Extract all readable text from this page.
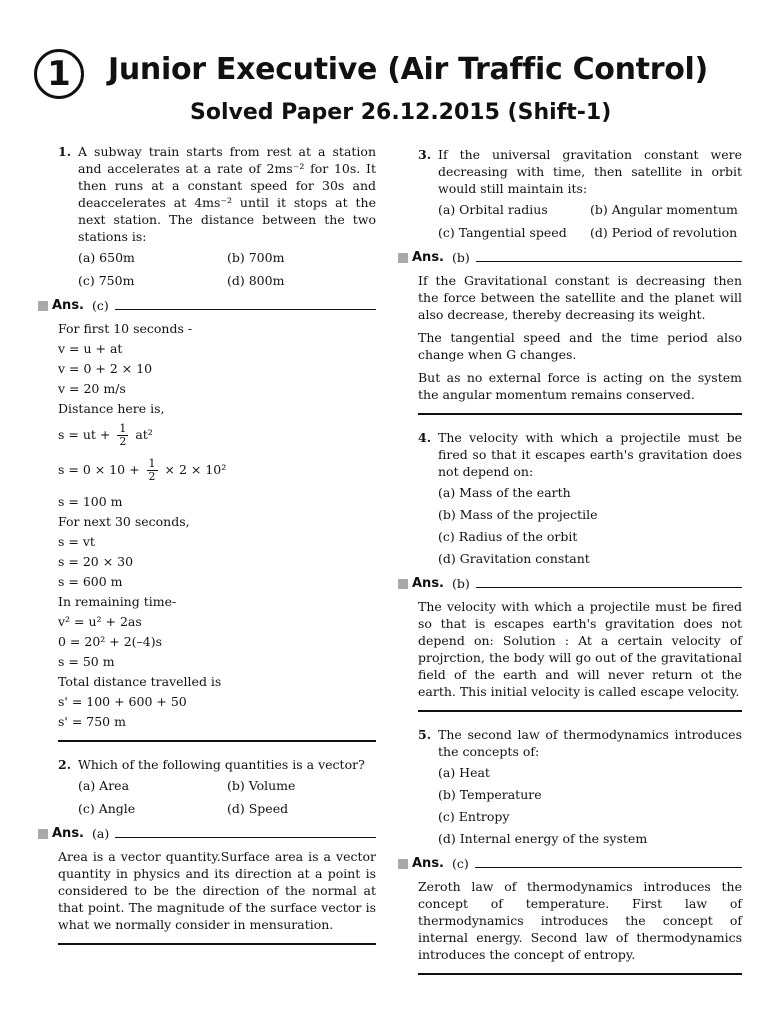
1	Junior Executive (Air Traffic Control)
Solved Paper 26.12.2015 (Shift-1)
1. A subway train starts from rest at a station and accelerates at a rate of 2ms⁻² for 10s. It then runs at a constant speed for 30s and deaccelerates at 4ms⁻² until it stops at the next station. The distance between the two stations is:
(a) 650m	(b) 700m
(c) 750m	(d) 800m
Ans. (c)
For first 10 seconds -
v = u + at
v = 0 + 2 × 10
v = 20 m/s
Distance here is,
s = ut + $\frac{1}{2} at^2$
$s = 0 \times 10 + \frac{1}{2} \times 2 \times 10^2$
s = 100 m
For next 30 seconds,
s = vt
s = 20 × 30
s = 600 m
In remaining time-
v² = u² + 2as
0 = 20² + 2(–4)s
s = 50 m
Total distance travelled is
s' = 100 + 600 + 50
s' = 750 m
2. Which of the following quantities is a vector?
(a) Area	(b) Volume
(c) Angle	(d) Speed
Ans. (a)
Area is a vector quantity.Surface area is a vector quantity in physics and its direction at a point is considered to be the direction of the normal at that point. The magnitude of the surface vector is what we normally consider in mensuration.
3. If the universal gravitation constant were decreasing with time, then satellite in orbit would still maintain its:
(a) Orbital radius	(b) Angular momentum
(c) Tangential speed	(d) Period of revolution
Ans. (b)
If the Gravitational constant is decreasing then the force between the satellite and the planet will also decrease, thereby decreasing its weight.
The tangential speed and the time period also change when G changes.
But as no external force is acting on the system the angular momentum remains conserved.
4. The velocity with which a projectile must be fired so that it escapes earth's gravitation does not depend on:
(a) Mass of the earth
(b) Mass of the projectile
(c) Radius of the orbit
(d) Gravitation constant
Ans. (b)
The velocity with which a projectile must be fired so that is escapes earth's gravitation does not depend on: Solution : At a certain velocity of projrction, the body will go out of the gravitational field of the earth and will never return ot the earth. This initial velocity is called escape velocity.
5. The second law of thermodynamics introduces the concepts of:
(a) Heat
(b) Temperature
(c) Entropy
(d) Internal energy of the system
Ans. (c)
Zeroth law of thermodynamics introduces the concept of temperature. First law of thermodynamics introduces the concept of internal energy. Second law of thermodynamics introduces the concept of entropy.
